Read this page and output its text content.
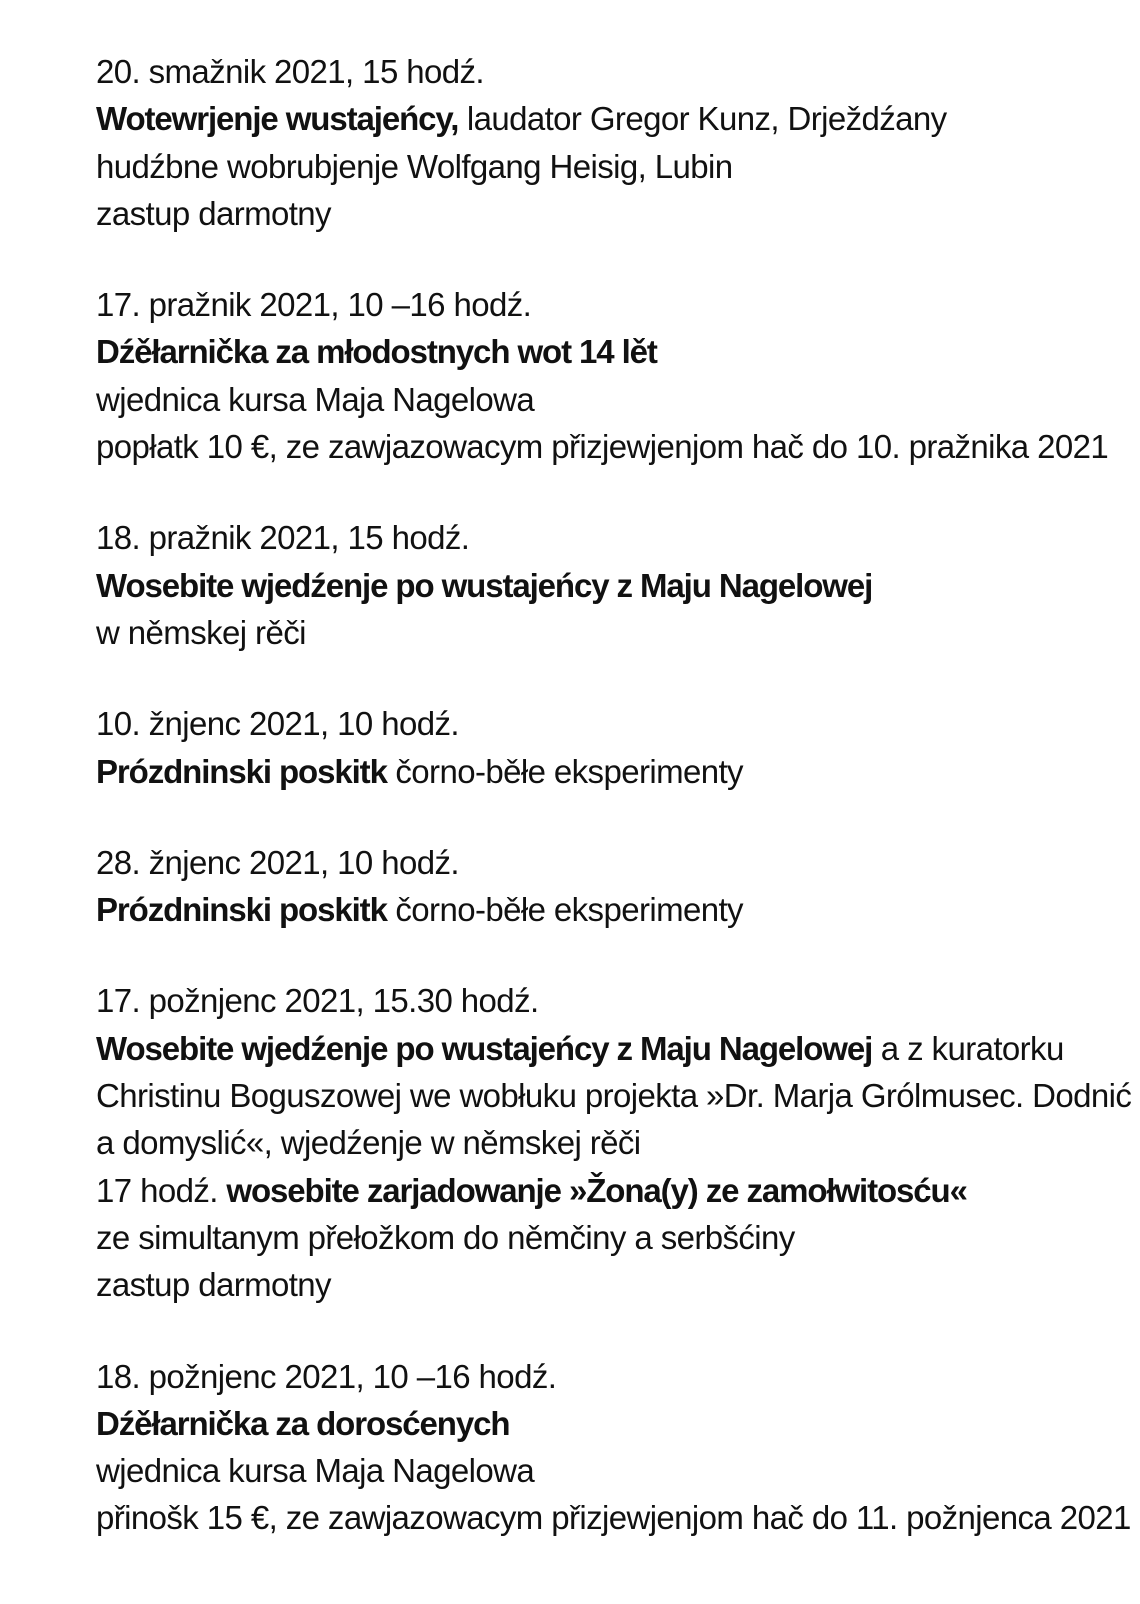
20. smažnik 2021, 15 hodź.
Wotewrjenje wustajeńcy, laudator Gregor Kunz, Drježdźany
hudźbne wobrubjenje Wolfgang Heisig, Lubin
zastup darmotny
17. pražnik 2021, 10 –16 hodź.
Dźěłarnička za młodostnych wot 14 lět
wjednica kursa Maja Nagelowa
popłatk 10 €, ze zawjazowacym přizjewjenjom hač do 10. pražnika 2021
18. pražnik 2021, 15 hodź.
Wosebite wjedźenje po wustajeńcy z Maju Nagelowej
w němskej rěči
10. žnjenc 2021, 10 hodź.
Prózdninski poskitk čorno-běłe eksperimenty
28. žnjenc 2021, 10 hodź.
Prózdninski poskitk čorno-běłe eksperimenty
17. požnjenc 2021, 15.30 hodź.
Wosebite wjedźenje po wustajeńcy z Maju Nagelowej a z kuratorku
Christinu Boguszowej we wobłuku projekta »Dr. Marja Grólmusec. Dodnić
a domyslić«, wjedźenje w němskej rěči
17 hodź. wosebite zarjadowanje »Žona(y) ze zamołwitosću«
ze simultanym přełožkom do němčiny a serbšćiny
zastup darmotny
18. požnjenc 2021, 10 –16 hodź.
Dźěłarnička za dorosćenych
wjednica kursa Maja Nagelowa
přinošk 15 €, ze zawjazowacym přizjewjenjom hač do 11. požnjenca 2021
